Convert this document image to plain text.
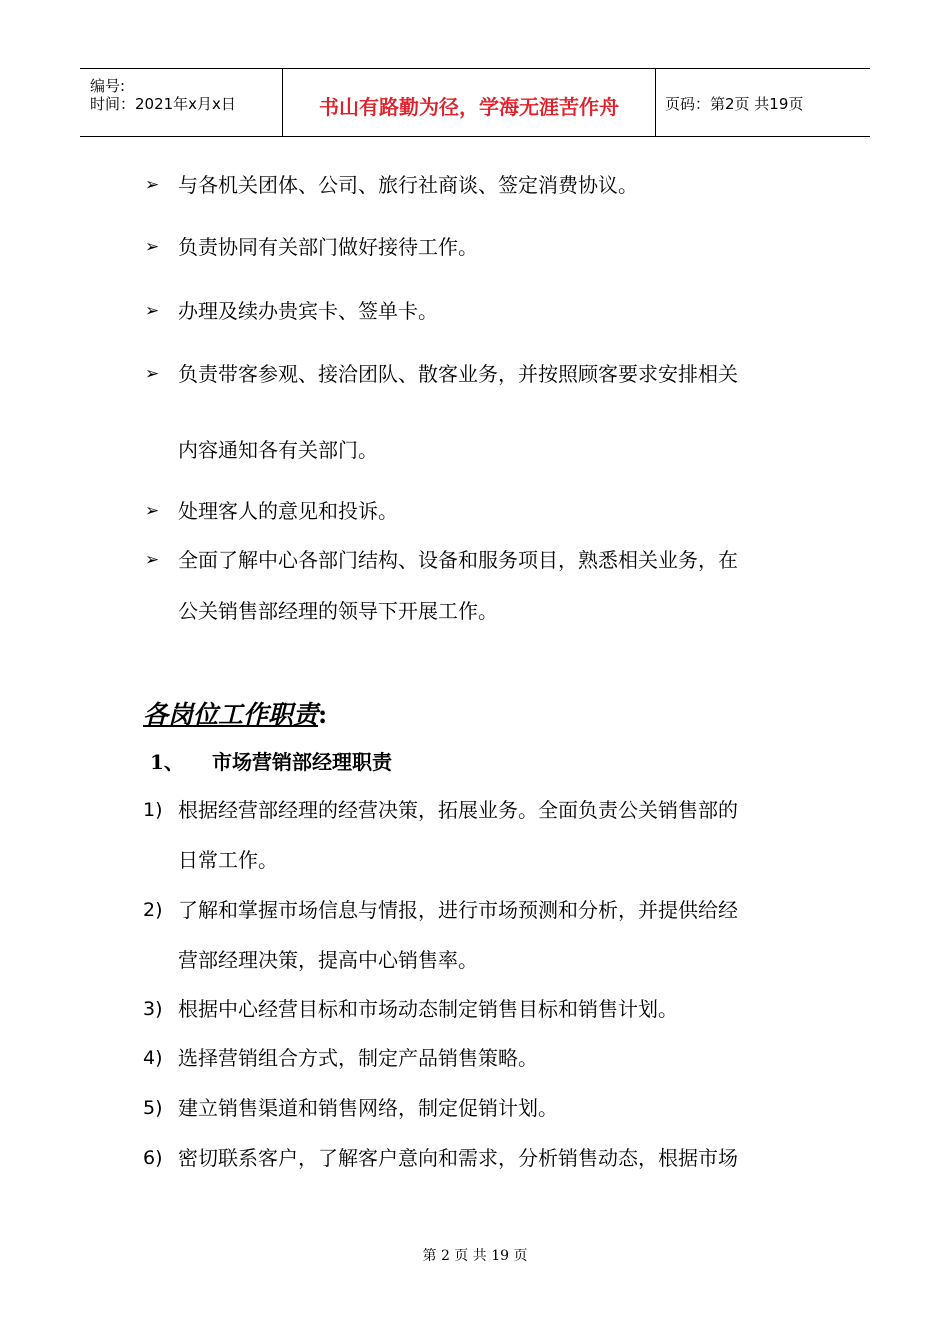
编号:
时间：2021年x月x日	书山有路勤为径，学海无涯苦作舟	页码：第2页 共19页
➢ 与各机关团体、公司、旅行社商谈、签定消费协议。
➢ 负责协同有关部门做好接待工作。
➢ 办理及续办贵宾卡、签单卡。
➢ 负责带客参观、接洽团队、散客业务，并按照顾客要求安排相关
内容通知各有关部门。
➢ 处理客人的意见和投诉。
➢ 全面了解中心各部门结构、设备和服务项目，熟悉相关业务，在
公关销售部经理的领导下开展工作。
各岗位工作职责:
1、 市场营销部经理职责
1) 根据经营部经理的经营决策，拓展业务。全面负责公关销售部的
日常工作。
2) 了解和掌握市场信息与情报，进行市场预测和分析，并提供给经
营部经理决策，提高中心销售率。
3) 根据中心经营目标和市场动态制定销售目标和销售计划。
4) 选择营销组合方式，制定产品销售策略。
5) 建立销售渠道和销售网络，制定促销计划。
6) 密切联系客户，了解客户意向和需求，分析销售动态，根据市场
第 2 页 共 19 页
